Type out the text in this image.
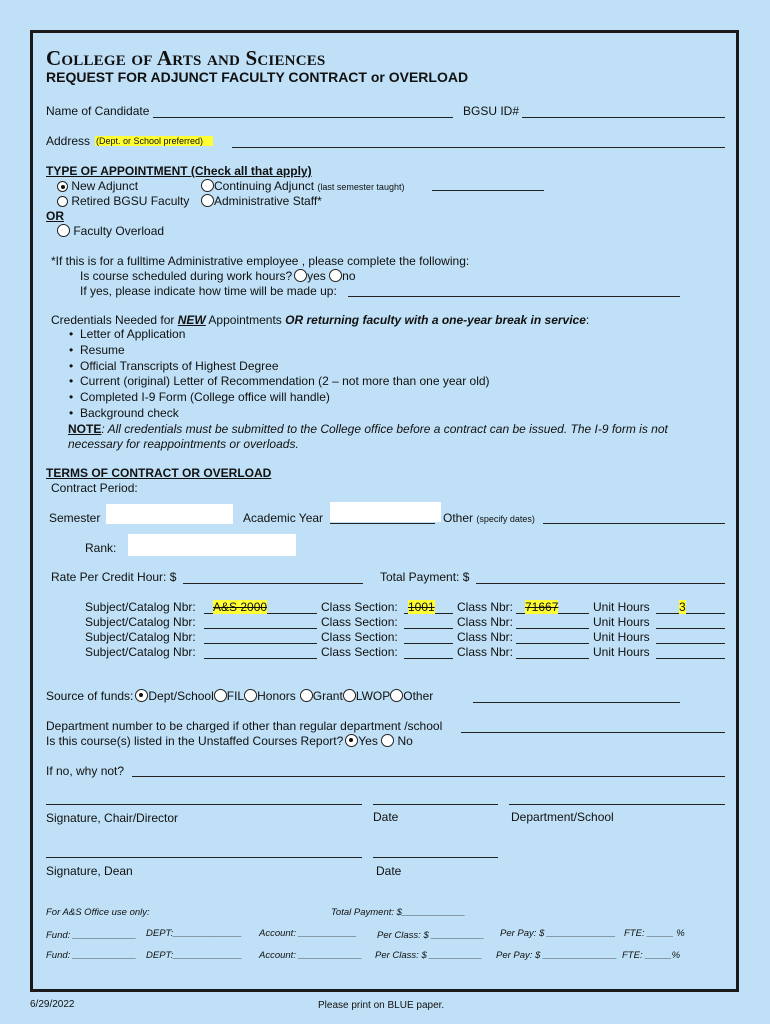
College of Arts and Sciences
REQUEST FOR ADJUNCT FACULTY CONTRACT or OVERLOAD
Name of Candidate	BGSU ID#
Address (Dept. or School preferred)
TYPE OF APPOINTMENT (Check all that apply)
New Adjunct	Continuing Adjunct (last semester taught)
Retired BGSU Faculty	Administrative Staff*
OR
Faculty Overload
*If this is for a fulltime Administrative employee , please complete the following:
Is course scheduled during work hours? yes no
If yes, please indicate how time will be made up:
Credentials Needed for NEW Appointments OR returning faculty with a one-year break in service:
• Letter of Application
• Resume
• Official Transcripts of Highest Degree
• Current (original) Letter of Recommendation (2 – not more than one year old)
• Completed I-9 Form (College office will handle)
• Background check
NOTE: All credentials must be submitted to the College office before a contract can be issued. The I-9 form is not
necessary for reappointments or overloads.
TERMS OF CONTRACT OR OVERLOAD
Contract Period:
Semester	Academic Year	Other (specify dates)
Rank:
Rate Per Credit Hour: $	Total Payment: $
Subject/Catalog Nbr: A&S 2000	Class Section: 1001 Class Nbr: 71667	Unit Hours 3
Subject/Catalog Nbr:	Class Section:	Class Nbr:	Unit Hours
Subject/Catalog Nbr:	Class Section:	Class Nbr:	Unit Hours
Subject/Catalog Nbr:	Class Section:	Class Nbr:	Unit Hours
Source of funds: Dept/School FIL Honors Grant LWOP Other
Department number to be charged if other than regular department /school
Is this course(s) listed in the Unstaffed Courses Report? Yes No
If no, why not?
Signature, Chair/Director	Date	Department/School
Signature, Dean	Date
For A&S Office use only:	Total Payment: $____________
Fund: ____________ DEPT:_____________ Account: ___________ Per Class: $ __________ Per Pay: $ _____________ FTE: _____ %
Fund: ____________ DEPT:_____________ Account: ____________ Per Class: $ __________ Per Pay: $ ______________ FTE: _____%
6/29/2022	Please print on BLUE paper.
